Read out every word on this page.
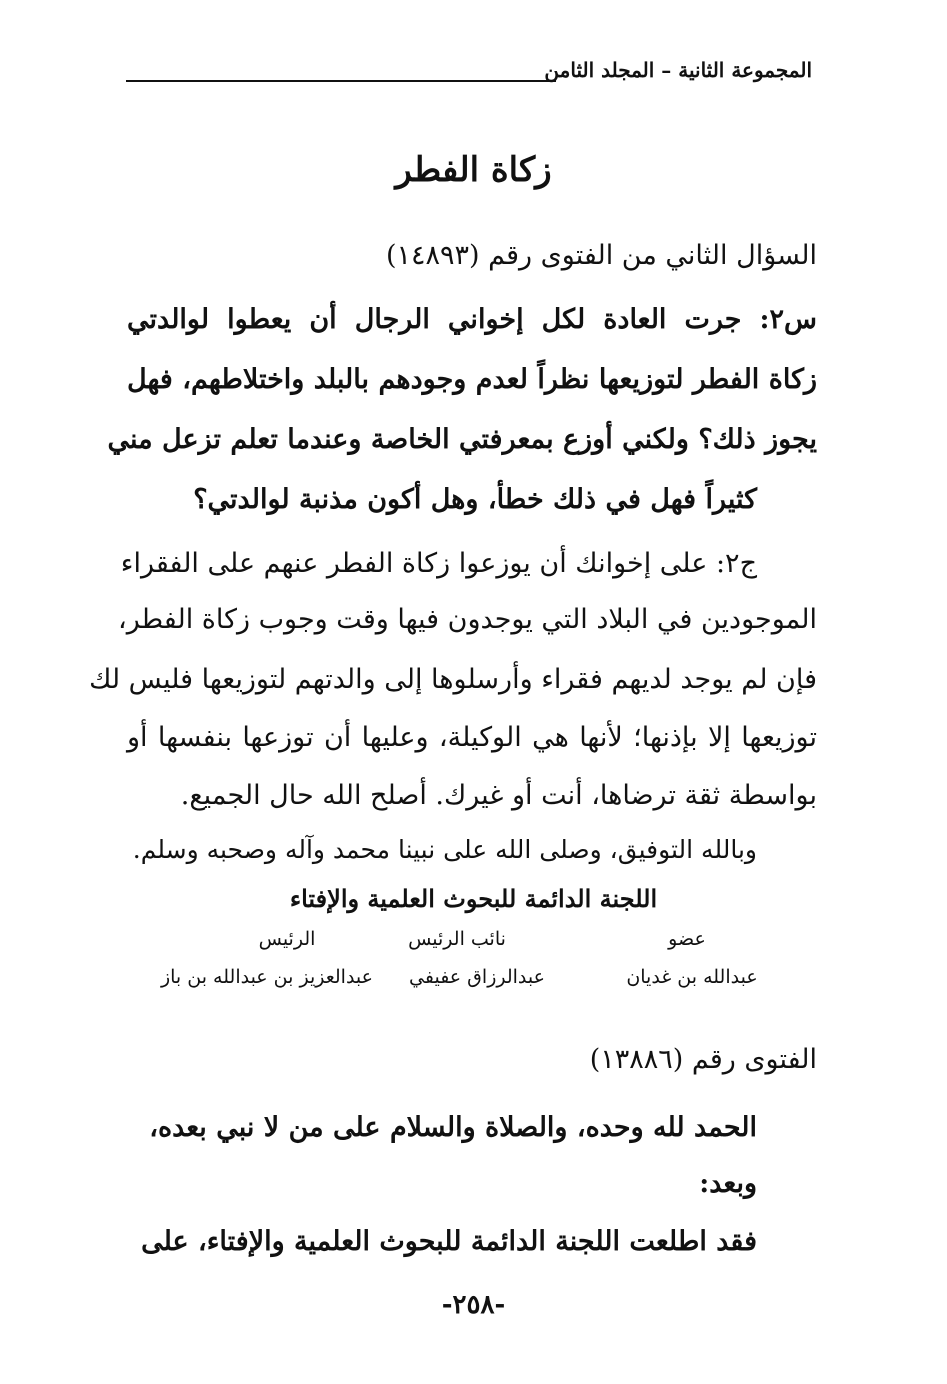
المجموعة الثانية – المجلد الثامن
زكاة الفطر
السؤال الثاني من الفتوى رقم (١٤٨٩٣)
س٢: جرت العادة لكل إخواني الرجال أن يعطوا لوالدتي
زكاة الفطر لتوزيعها نظراً لعدم وجودهم بالبلد واختلاطهم، فهل
يجوز ذلك؟ ولكني أوزع بمعرفتي الخاصة وعندما تعلم تزعل مني
كثيراً فهل في ذلك خطأ، وهل أكون مذنبة لوالدتي؟
ج٢: على إخوانك أن يوزعوا زكاة الفطر عنهم على الفقراء
الموجودين في البلاد التي يوجدون فيها وقت وجوب زكاة الفطر،
فإن لم يوجد لديهم فقراء وأرسلوها إلى والدتهم لتوزيعها فليس لك
توزيعها إلا بإذنها؛ لأنها هي الوكيلة، وعليها أن توزعها بنفسها أو
بواسطة ثقة ترضاها، أنت أو غيرك. أصلح الله حال الجميع.
وبالله التوفيق، وصلى الله على نبينا محمد وآله وصحبه وسلم.
اللجنة الدائمة للبحوث العلمية والإفتاء
عضو
نائب الرئيس
الرئيس
عبدالله بن غديان
عبدالرزاق عفيفي
عبدالعزيز بن عبدالله بن باز
الفتوى رقم (١٣٨٨٦)
الحمد لله وحده، والصلاة والسلام على من لا نبي بعده،
وبعد:
فقد اطلعت اللجنة الدائمة للبحوث العلمية والإفتاء، على
-٢٥٨-
